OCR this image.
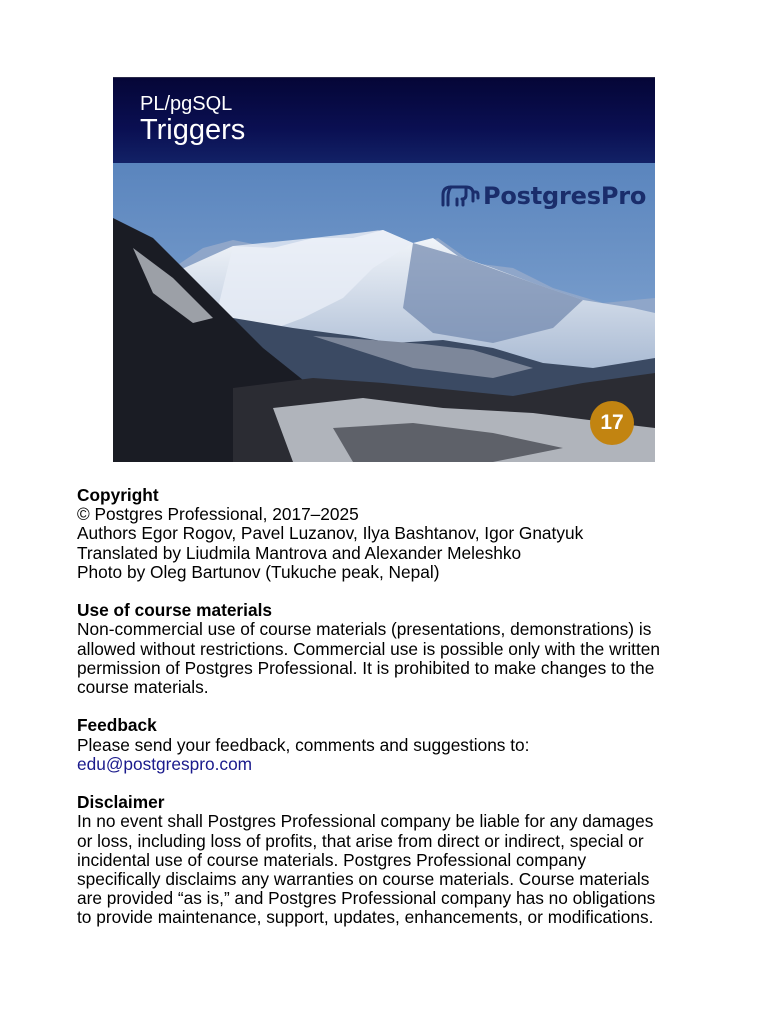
PL/pgSQL
Triggers
PostgresPro
17
Copyright
© Postgres Professional, 2017–2025
Authors Egor Rogov, Pavel Luzanov, Ilya Bashtanov, Igor Gnatyuk
Translated by Liudmila Mantrova and Alexander Meleshko
Photo by Oleg Bartunov (Tukuche peak, Nepal)
Use of course materials
Non-commercial use of course materials (presentations, demonstrations) is
allowed without restrictions. Commercial use is possible only with the written
permission of Postgres Professional. It is prohibited to make changes to the
course materials.
Feedback
Please send your feedback, comments and suggestions to:
edu@postgrespro.com
Disclaimer
In no event shall Postgres Professional company be liable for any damages
or loss, including loss of profits, that arise from direct or indirect, special or
incidental use of course materials. Postgres Professional company
specifically disclaims any warranties on course materials. Course materials
are provided “as is,” and Postgres Professional company has no obligations
to provide maintenance, support, updates, enhancements, or modifications.
